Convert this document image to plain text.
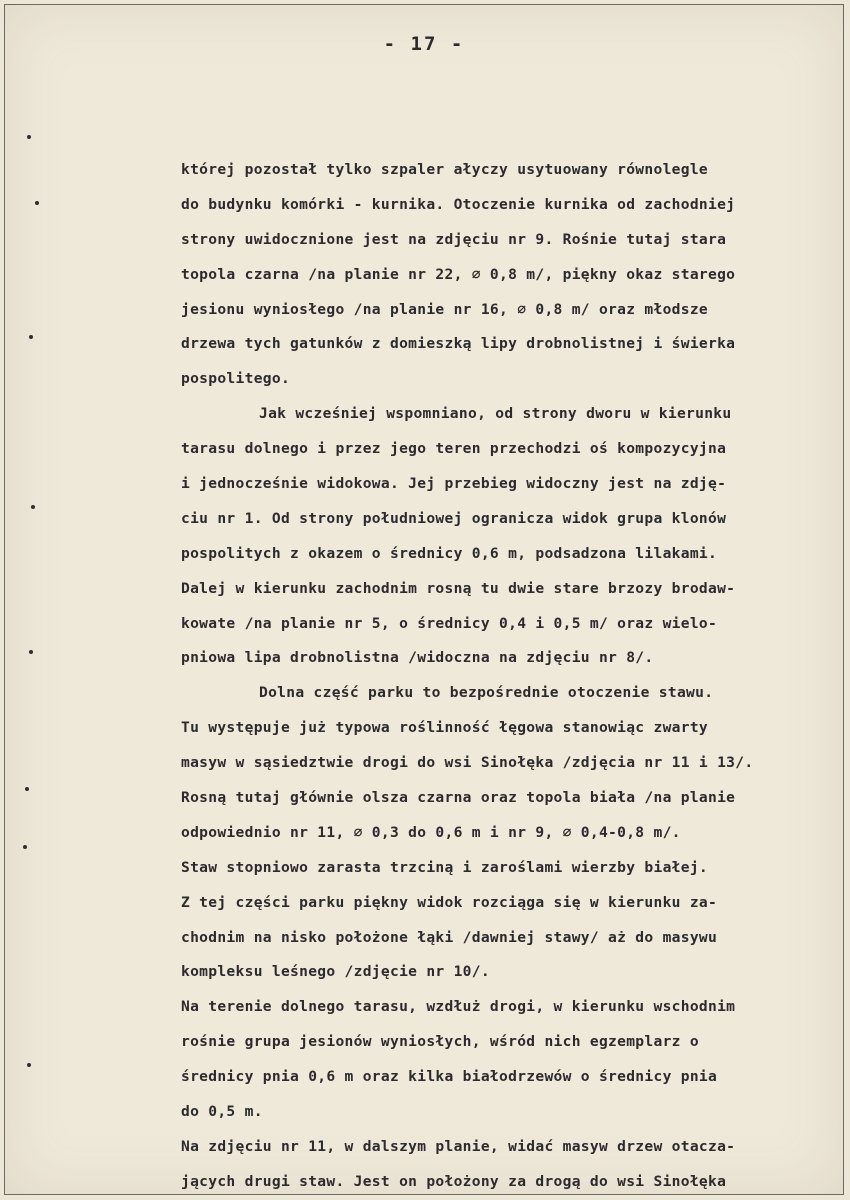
- 17 -
której pozostał tylko szpaler ałyczy usytuowany równolegle
do budynku komórki - kurnika. Otoczenie kurnika od zachodniej
strony uwidocznione jest na zdjęciu nr 9. Rośnie tutaj stara
topola czarna /na planie nr 22, ∅ 0,8 m/, piękny okaz starego
jesionu wyniosłego /na planie nr 16, ∅ 0,8 m/ oraz młodsze
drzewa tych gatunków z domieszką lipy drobnolistnej i świerka
pospolitego.
Jak wcześniej wspomniano, od strony dworu w kierunku
tarasu dolnego i przez jego teren przechodzi oś kompozycyjna
i jednocześnie widokowa. Jej przebieg widoczny jest na zdję-
ciu nr 1. Od strony południowej ogranicza widok grupa klonów
pospolitych z okazem o średnicy 0,6 m, podsadzona lilakami.
Dalej w kierunku zachodnim rosną tu dwie stare brzozy brodaw-
kowate /na planie nr 5, o średnicy 0,4 i 0,5 m/ oraz wielo-
pniowa lipa drobnolistna /widoczna na zdjęciu nr 8/.
Dolna część parku to bezpośrednie otoczenie stawu.
Tu występuje już typowa roślinność łęgowa stanowiąc zwarty
masyw w sąsiedztwie drogi do wsi Sinołęka /zdjęcia nr 11 i 13/.
Rosną tutaj głównie olsza czarna oraz topola biała /na planie
odpowiednio nr 11, ∅ 0,3 do 0,6 m i nr 9, ∅ 0,4-0,8 m/.
Staw stopniowo zarasta trzciną i zaroślami wierzby białej.
Z tej części parku piękny widok rozciąga się w kierunku za-
chodnim na nisko położone łąki /dawniej stawy/ aż do masywu
kompleksu leśnego /zdjęcie nr 10/.
Na terenie dolnego tarasu, wzdłuż drogi, w kierunku wschodnim
rośnie grupa jesionów wyniosłych, wśród nich egzemplarz o
średnicy pnia 0,6 m oraz kilka białodrzewów o średnicy pnia
do 0,5 m.
Na zdjęciu nr 11, w dalszym planie, widać masyw drzew otacza-
jących drugi staw. Jest on położony za drogą do wsi Sinołęka
